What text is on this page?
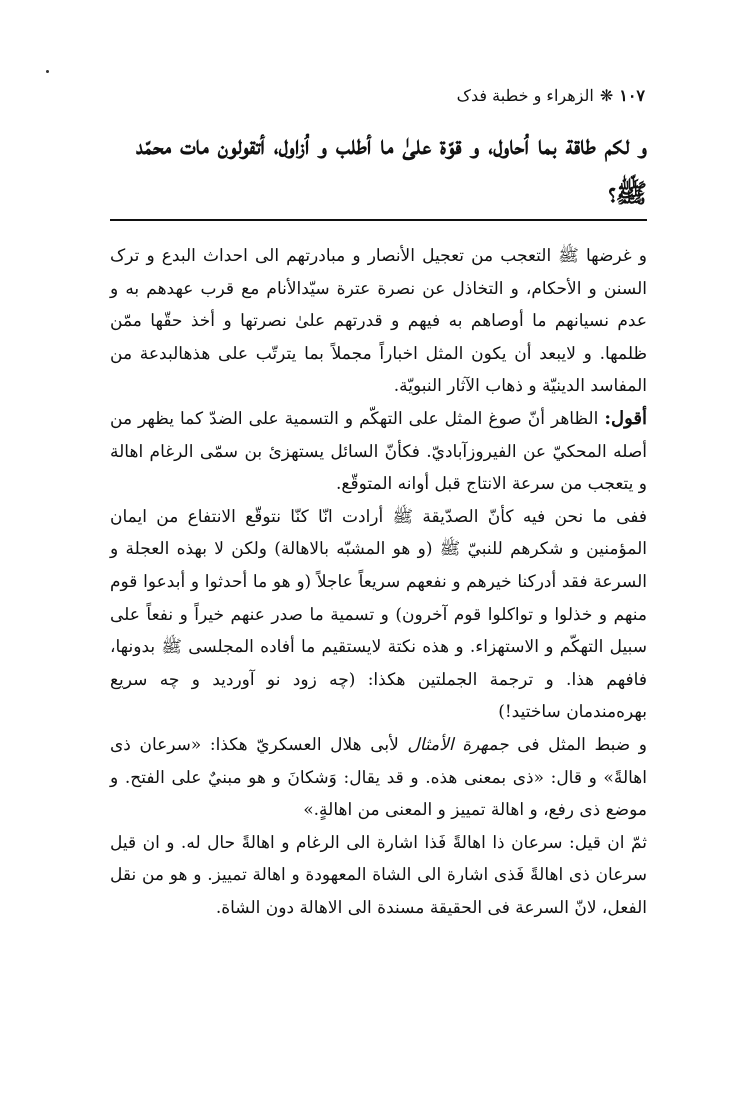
١٠٧❋الزهراء و خطبة فدک
و لكم طاقة بما اُحاول، و قوّة علىٰ ما أطلب و اُزاول، أتقولون مات محمّد ﷺ؟

و غرضها ﷺ التعجب من تعجيل الأنصار و مبادرتهم الى احداث البدع و ترک السنن و الأحكام، و التخاذل عن نصرة عترة سيّدالأنام مع قرب عهدهم به و عدم نسيانهم ما أوصاهم به فيهم و قدرتهم علىٰ نصرتها و أخذ حقّها ممّن ظلمها. و لايبعد أن يكون المثل اخباراً مجملاً بما يترتّب على هذهالبدعة من المفاسد الدينيّة و ذهاب الآثار النبويّة.

أقول: الظاهر أنّ صوغ المثل على التهكّم و التسمية على الضدّ كما يظهر من أصله المحكيّ عن الفيروزآباديّ. فكأنّ السائل يستهزئ بن سمّى الرغام اهالة و يتعجب من سرعة الانتاج قبل أوانه المتوقّع.

ففى ما نحن فيه كأنّ الصدّيقة ﷺ أرادت انّا كنّا نتوقّع الانتفاع من ايمان المؤمنين و شكرهم للنبيّ ﷺ (و هو المشبّه بالاهالة) ولكن لا بهذه العجلة و السرعة فقد أدركنا خيرهم و نفعهم سريعاً عاجلاً (و هو ما أحدثوا و أبدعوا قوم منهم و خذلوا و تواكلوا قوم آخرون) و تسمية ما صدر عنهم خيراً و نفعاً على سبيل التهكّم و الاستهزاء. و هذه نكتة لايستقيم ما أفاده المجلسى ﷺ بدونها، فافهم هذا. و ترجمة الجملتين هكذا: (چه زود نو آورديد و چه سريع بهره‌مندمان ساختيد!)

و ضبط المثل فى جمهرة الأمثال لأبى هلال العسكريّ هكذا: «سرعان ذى اهالةً» و قال: «ذى بمعنى هذه. و قد يقال: وَشكانَ و هو مبنيٌ على الفتح. و موضع ذى رفع، و اهالة تمييز و المعنى من اهالةٍ.»

ثمّ ان قيل: سرعان ذا اهالةً فَذا اشارة الى الرغام و اهالةً حال له. و ان قيل سرعان ذى اهالةً فَذى اشارة الى الشاة المعهودة و اهالة تمييز. و هو من نقل الفعل، لانّ السرعة فى الحقيقة مسندة الى الاهالة دون الشاة.
